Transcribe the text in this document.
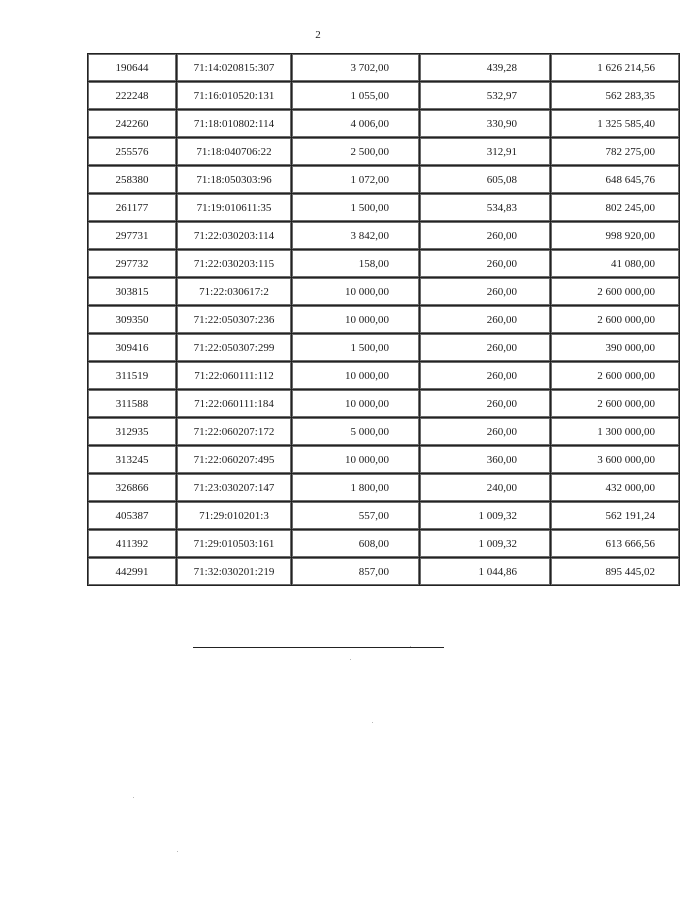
2
190644	71:14:020815:307	3 702,00	439,28	1 626 214,56
222248	71:16:010520:131	1 055,00	532,97	562 283,35
242260	71:18:010802:114	4 006,00	330,90	1 325 585,40
255576	71:18:040706:22	2 500,00	312,91	782 275,00
258380	71:18:050303:96	1 072,00	605,08	648 645,76
261177	71:19:010611:35	1 500,00	534,83	802 245,00
297731	71:22:030203:114	3 842,00	260,00	998 920,00
297732	71:22:030203:115	158,00	260,00	41 080,00
303815	71:22:030617:2	10 000,00	260,00	2 600 000,00
309350	71:22:050307:236	10 000,00	260,00	2 600 000,00
309416	71:22:050307:299	1 500,00	260,00	390 000,00
311519	71:22:060111:112	10 000,00	260,00	2 600 000,00
311588	71:22:060111:184	10 000,00	260,00	2 600 000,00
312935	71:22:060207:172	5 000,00	260,00	1 300 000,00
313245	71:22:060207:495	10 000,00	360,00	3 600 000,00
326866	71:23:030207:147	1 800,00	240,00	432 000,00
405387	71:29:010201:3	557,00	1 009,32	562 191,24
411392	71:29:010503:161	608,00	1 009,32	613 666,56
442991	71:32:030201:219	857,00	1 044,86	895 445,02
